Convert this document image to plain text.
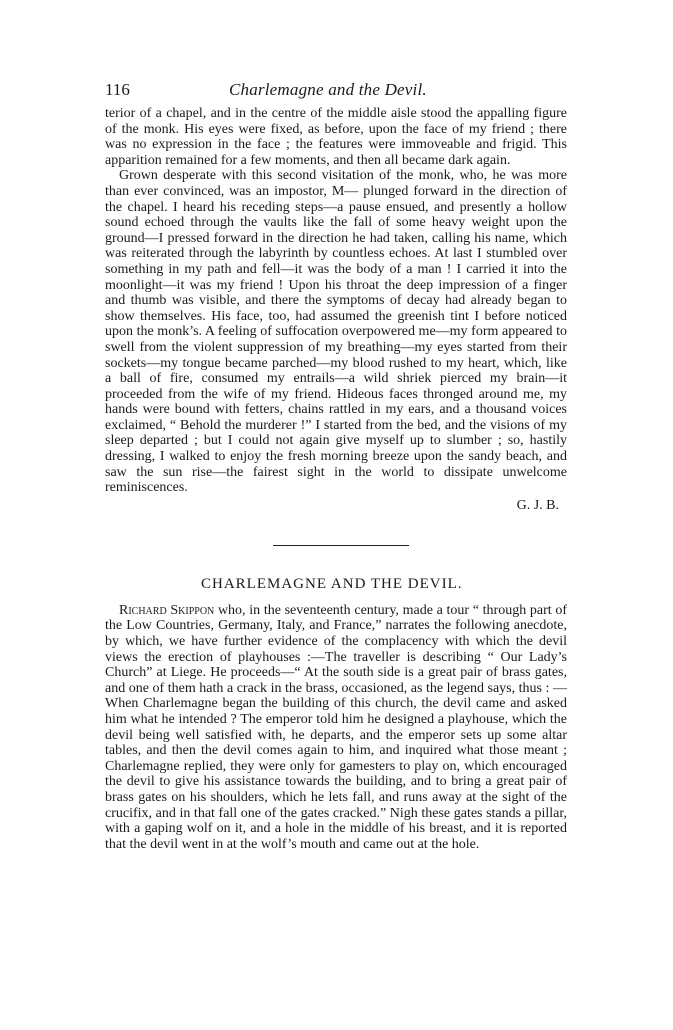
116	Charlemagne and the Devil.

terior of a chapel, and in the centre of the middle aisle stood the appalling figure of the monk. His eyes were fixed, as before, upon the face of my friend ; there was no expression in the face ; the features were immoveable and frigid. This apparition remained for a few moments, and then all became dark again.

Grown desperate with this second visitation of the monk, who, he was more than ever convinced, was an impostor, M— plunged forward in the direction of the chapel. I heard his receding steps—a pause ensued, and presently a hollow sound echoed through the vaults like the fall of some heavy weight upon the ground—I pressed forward in the direction he had taken, calling his name, which was reiterated through the labyrinth by countless echoes. At last I stumbled over something in my path and fell—it was the body of a man ! I carried it into the moonlight—it was my friend ! Upon his throat the deep impression of a finger and thumb was visible, and there the symptoms of decay had already began to show themselves. His face, too, had assumed the greenish tint I before noticed upon the monk’s. A feeling of suffocation overpowered me—my form appeared to swell from the violent suppression of my breathing—my eyes started from their sockets—my tongue became parched—my blood rushed to my heart, which, like a ball of fire, consumed my entrails—a wild shriek pierced my brain—it proceeded from the wife of my friend. Hideous faces thronged around me, my hands were bound with fetters, chains rattled in my ears, and a thousand voices exclaimed, “ Behold the murderer !” I started from the bed, and the visions of my sleep departed ; but I could not again give myself up to slumber ; so, hastily dressing, I walked to enjoy the fresh morning breeze upon the sandy beach, and saw the sun rise—the fairest sight in the world to dissipate unwelcome reminiscences.

G. J. B.
CHARLEMAGNE AND THE DEVIL.

Richard Skippon who, in the seventeenth century, made a tour “ through part of the Low Countries, Germany, Italy, and France,” narrates the following anecdote, by which, we have further evidence of the complacency with which the devil views the erection of playhouses :—The traveller is describing “ Our Lady’s Church” at Liege. He proceeds—“ At the south side is a great pair of brass gates, and one of them hath a crack in the brass, occasioned, as the legend says, thus : —When Charlemagne began the building of this church, the devil came and asked him what he intended ? The emperor told him he designed a playhouse, which the devil being well satisfied with, he departs, and the emperor sets up some altar tables, and then the devil comes again to him, and inquired what those meant ; Charlemagne replied, they were only for gamesters to play on, which encouraged the devil to give his assistance towards the building, and to bring a great pair of brass gates on his shoulders, which he lets fall, and runs away at the sight of the crucifix, and in that fall one of the gates cracked.” Nigh these gates stands a pillar, with a gaping wolf on it, and a hole in the middle of his breast, and it is reported that the devil went in at the wolf’s mouth and came out at the hole.
